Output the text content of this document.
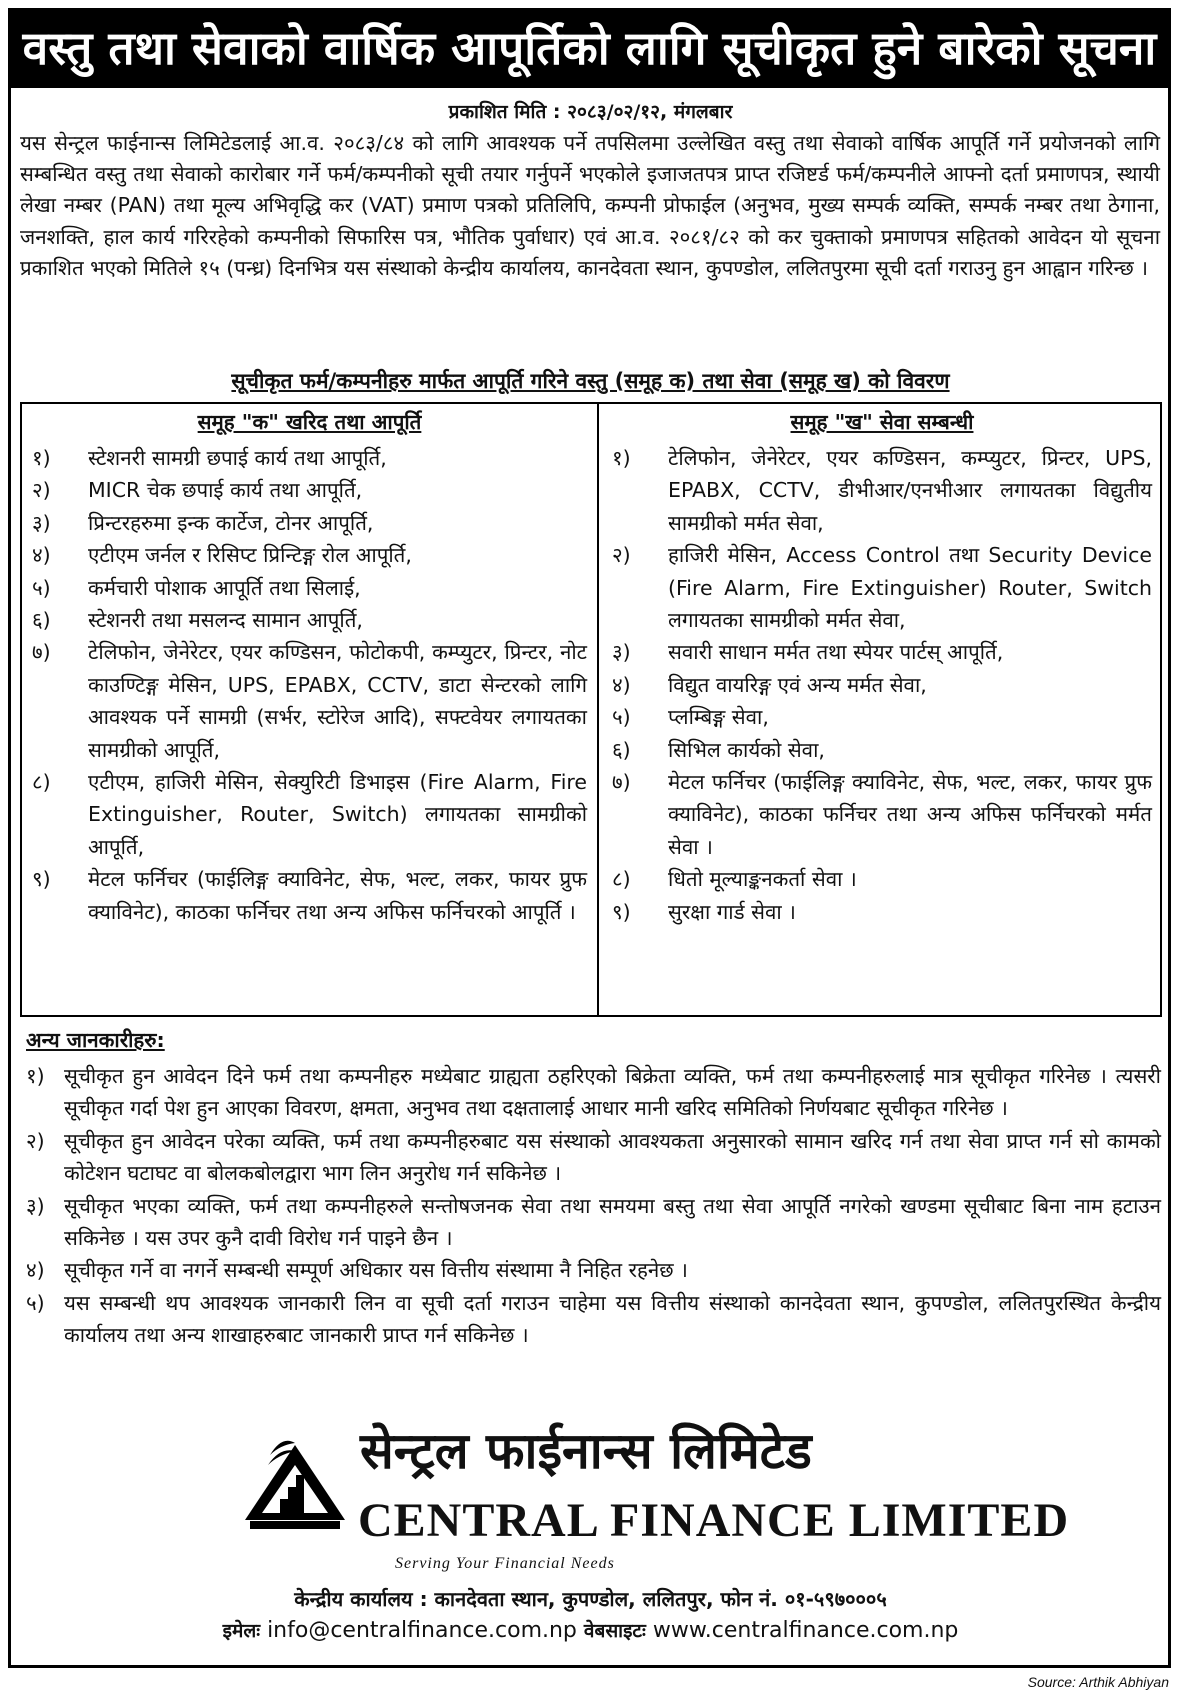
वस्तु तथा सेवाको वार्षिक आपूर्तिको लागि सूचीकृत हुने बारेको सूचना
प्रकाशित मिति : २०८३/०२/१२, मंगलबार
यस सेन्ट्रल फाईनान्स लिमिटेडलाई आ.व. २०८३/८४ को लागि आवश्यक पर्ने तपसिलमा उल्लेखित वस्तु तथा सेवाको वार्षिक आपूर्ति गर्ने प्रयोजनको लागि सम्बन्धित वस्तु तथा सेवाको कारोबार गर्ने फर्म/कम्पनीको सूची तयार गर्नुपर्ने भएकोले इजाजतपत्र प्राप्त रजिष्टर्ड फर्म/कम्पनीले आफ्नो दर्ता प्रमाणपत्र, स्थायी लेखा नम्बर (PAN) तथा मूल्य अभिवृद्धि कर (VAT) प्रमाण पत्रको प्रतिलिपि, कम्पनी प्रोफाईल (अनुभव, मुख्य सम्पर्क व्यक्ति, सम्पर्क नम्बर तथा ठेगाना, जनशक्ति, हाल कार्य गरिरहेको कम्पनीको सिफारिस पत्र, भौतिक पुर्वाधार) एवं आ.व. २०८१/८२ को कर चुक्ताको प्रमाणपत्र सहितको आवेदन यो सूचना प्रकाशित भएको मितिले १५ (पन्ध्र) दिनभित्र यस संस्थाको केन्द्रीय कार्यालय, कानदेवता स्थान, कुपण्डोल, ललितपुरमा सूची दर्ता गराउनु हुन आह्वान गरिन्छ ।
सूचीकृत फर्म/कम्पनीहरु मार्फत आपूर्ति गरिने वस्तु (समूह क) तथा सेवा (समूह ख) को विवरण
समूह "क" खरिद तथा आपूर्ति
१)	स्टेशनरी सामग्री छपाई कार्य तथा आपूर्ति,
२)	MICR चेक छपाई कार्य तथा आपूर्ति,
३)	प्रिन्टरहरुमा इन्क कार्टेज, टोनर आपूर्ति,
४)	एटीएम जर्नल र रिसिप्ट प्रिन्टिङ्ग रोल आपूर्ति,
५)	कर्मचारी पोशाक आपूर्ति तथा सिलाई,
६)	स्टेशनरी तथा मसलन्द सामान आपूर्ति,
७)	टेलिफोन, जेनेरेटर, एयर कण्डिसन, फोटोकपी, कम्प्युटर, प्रिन्टर, नोट काउण्टिङ्ग मेसिन, UPS, EPABX, CCTV, डाटा सेन्टरको लागि आवश्यक पर्ने सामग्री (सर्भर, स्टोरेज आदि), सफ्टवेयर लगायतका सामग्रीको आपूर्ति,
८)	एटीएम, हाजिरी मेसिन, सेक्युरिटी डिभाइस (Fire Alarm, Fire Extinguisher, Router, Switch) लगायतका सामग्रीको आपूर्ति,
९)	मेटल फर्निचर (फाईलिङ्ग क्याविनेट, सेफ, भल्ट, लकर, फायर प्रुफ क्याविनेट), काठका फर्निचर तथा अन्य अफिस फर्निचरको आपूर्ति ।
समूह "ख" सेवा सम्बन्धी
१)	टेलिफोन, जेनेरेटर, एयर कण्डिसन, कम्प्युटर, प्रिन्टर, UPS, EPABX, CCTV, डीभीआर/एनभीआर लगायतका विद्युतीय सामग्रीको मर्मत सेवा,
२)	हाजिरी मेसिन, Access Control तथा Security Device (Fire Alarm, Fire Extinguisher) Router, Switch लगायतका सामग्रीको मर्मत सेवा,
३)	सवारी साधान मर्मत तथा स्पेयर पार्टस् आपूर्ति,
४)	विद्युत वायरिङ्ग एवं अन्य मर्मत सेवा,
५)	प्लम्बिङ्ग सेवा,
६)	सिभिल कार्यको सेवा,
७)	मेटल फर्निचर (फाईलिङ्ग क्याविनेट, सेफ, भल्ट, लकर, फायर प्रुफ क्याविनेट), काठका फर्निचर तथा अन्य अफिस फर्निचरको मर्मत सेवा ।
८)	धितो मूल्याङ्कनकर्ता सेवा ।
९)	सुरक्षा गार्ड सेवा ।
अन्य जानकारीहरु:
१) सूचीकृत हुन आवेदन दिने फर्म तथा कम्पनीहरु मध्येबाट ग्राह्यता ठहरिएको बिक्रेता व्यक्ति, फर्म तथा कम्पनीहरुलाई मात्र सूचीकृत गरिनेछ । त्यसरी सूचीकृत गर्दा पेश हुन आएका विवरण, क्षमता, अनुभव तथा दक्षतालाई आधार मानी खरिद समितिको निर्णयबाट सूचीकृत गरिनेछ ।
२) सूचीकृत हुन आवेदन परेका व्यक्ति, फर्म तथा कम्पनीहरुबाट यस संस्थाको आवश्यकता अनुसारको सामान खरिद गर्न तथा सेवा प्राप्त गर्न सो कामको कोटेशन घटाघट वा बोलकबोलद्वारा भाग लिन अनुरोध गर्न सकिनेछ ।
३) सूचीकृत भएका व्यक्ति, फर्म तथा कम्पनीहरुले सन्तोषजनक सेवा तथा समयमा बस्तु तथा सेवा आपूर्ति नगरेको खण्डमा सूचीबाट बिना नाम हटाउन सकिनेछ । यस उपर कुनै दावी विरोध गर्न पाइने छैन ।
४) सूचीकृत गर्ने वा नगर्ने सम्बन्धी सम्पूर्ण अधिकार यस वित्तीय संस्थामा नै निहित रहनेछ ।
५) यस सम्बन्धी थप आवश्यक जानकारी लिन वा सूची दर्ता गराउन चाहेमा यस वित्तीय संस्थाको कानदेवता स्थान, कुपण्डोल, ललितपुरस्थित केन्द्रीय कार्यालय तथा अन्य शाखाहरुबाट जानकारी प्राप्त गर्न सकिनेछ ।
सेन्ट्रल फाईनान्स लिमिटेड
CENTRAL FINANCE LIMITED
Serving Your Financial Needs
केन्द्रीय कार्यालय : कानदेवता स्थान, कुपण्डोल, ललितपुर, फोन नं. ०१-५९७०००५
इमेलः info@centralfinance.com.np वेबसाइटः www.centralfinance.com.np
Source: Arthik Abhiyan
